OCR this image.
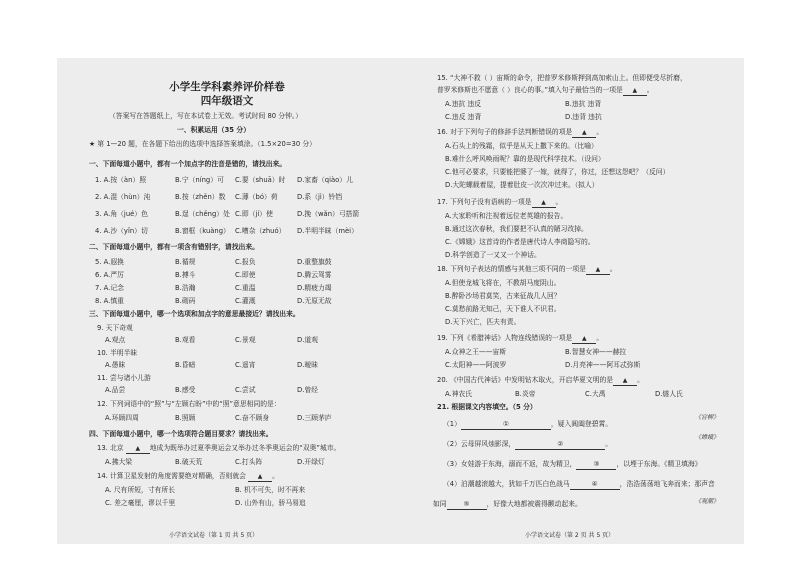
小学生学科素养评价样卷
四年级语文
（答案写在答题纸上，写在本试卷上无效。考试时间 80 分钟。）
一、积累运用（35 分）
★ 第 1—20 题，在各题下给出的选项中选择答案填涂。（1.5×20=30 分）
一、下面每道小题中，都有一个加点字的注音是错的，请找出来。
1. A.按（àn）照	B.宁（níng）可 C.要（shuā）时 D.家畜（qiào）儿
2. A.混（hùn）沌	B.按（zhěn）数 C.薄（bó）荷	D.系（jì）铃铛
3. A.角（jué）色	B.逞（chěng）处 C.即（jí）使	D.挽（wǎn）弓搭箭
4. A.沙（yǐn）切	B.窗框（kuàng） C.嘈杂（zhuó） D.半明半昧（mèi）
二、下面每道小题中，都有一项含有错别字，请找出来。
5. A.遐换	B.循规	C.报负	D.重整旗鼓
6. A.严厉	B.搏斗	C.即使	D.腾云驾雾
7. A.记念	B.浩瀚	C.重温	D.精疲力竭
8. A.慎重	B.砌码	C.灌溉	D.无原无故
三、下面每道小题中，哪一个选项和加点字的意思最接近？请找出来。
9. 天下奇观
A.观点	B.观看	C.景观	D.道观
10. 半明半昧
A.愚昧	B.昏暗	C.遥宵	D.暧昧
11. 尝与诸小儿游
A.品尝	B.感受	C.尝试	D.曾经
12. 下列词语中的“照”与“左顾右盼”中的“照”意思相同的是：
A.环顾四周	B.照顾	C.奋不顾身	D.三顾茅庐
四、下面每道小题中，哪一个选项符合题目要求？请找出来。
13. 北京 ▲ 地成为既举办过夏季奥运会又举办过冬季奥运会的“双奥”城市。
A.拂大梁	B.破天荒	C.打头阵	D.开绿灯
14. 计算卫星发射的角度需要绝对精确，否则就会 ▲ 。
A. 尺有所短，寸有所长	B. 机不可失，时不再来
C. 差之毫厘，谬以千里	D. 山外有山，骄马易追
小学语文试卷（第 1 页 共 5 页）
15. “大神不救（ ）宙斯的命令，把普罗米修斯押到高加索山上。但即便受尽折磨，
普罗米修斯也不愿意（ ）良心的事。”填入句子最恰当的一项是 ▲ 。
A.违抗 违反	B.违抗 违背
C.违反 违背	D.违背 违抗
16. 对于下列句子的修辞手法判断错误的项是 ▲ 。
A.石头上的残霜，似乎是从天上撒下来的。（比喻）
B.难什么呼风唤雨呢？靠的是现代科学技术。（设问）
C.他可必要求，只要能把婆了一嫁，就得了，你过，还想这怨吧？（反问）
D.大陀螺载着屋，提着肚皮一次次冲过来。（拟人）
17. 下列句子没有语病的一项是 ▲ 。
A.大家聆听和注视着远位老英雄的报告。
B.通过这次春秋，我们要把不认真的陋习改掉。
C.《嫦娥》这首诗的作者是唐代诗人李商隐写的。
D.科学创造了一又又一个神话。
18. 下列句子表达的情感与其他三项不同的一项是 ▲ 。
A.但使龙城飞将在，不教胡马度阴山。
B.醉卧沙场君莫笑，古来征战几人回？
C.莫愁前路无知己，天下谁人不识君。
D.天下兴亡，匹夫有责。
19. 下列《希腊神话》人物连线错误的一项是 ▲ 。
A.众神之王——宙斯	B.智慧女神——赫拉
C.太阳神——阿波罗	D.月亮神——阿耳忒弥斯
20. 《中国古代神话》中发明钻木取火，开启华夏文明的是 ▲ 。
A.神农氏	B.炎帝	C.大禹	D.燧人氏
21. 根据课文内容填空。（5 分）
（1）	①	，疑入阊阖登碧霄。
《宫柳》
（2）云母屏风烛影深，	②	。
《嫦娥》
（3）女娃游于东海，溺而不返，故为精卫， ③ ，以堙于东海。《精卫填海》
（4）泊潮越滚越大，犹如千万匹白色战马	④	，浩浩荡荡地飞奔而来；那声音
如同 ⑤ ，好像大地都被震得颤动起来。	《观潮》
小学语文试卷（第 2 页 共 5 页）
